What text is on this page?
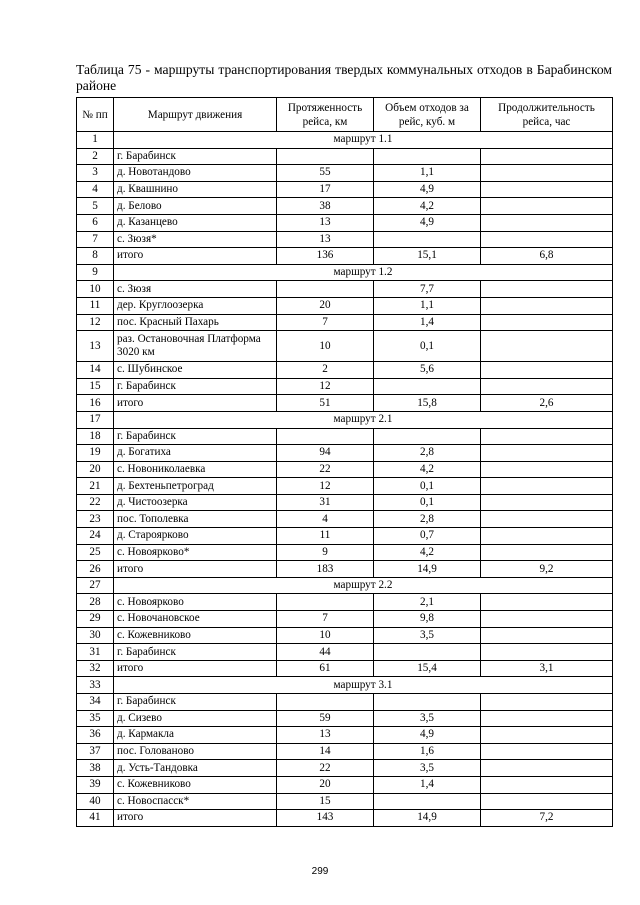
Таблица 75 - маршруты транспортирования твердых коммунальных отходов в Барабинском районе
№ пп	Маршрут движения	Протяженность рейса, км	Объем отходов за рейс, куб. м	Продолжительность рейса, час
1	маршрут 1.1			
2	г. Барабинск			
3	д. Новотандово	55	1,1	
4	д. Квашнино	17	4,9	
5	д. Белово	38	4,2	
6	д. Казанцево	13	4,9	
7	с. Зюзя*	13		
8	итого	136	15,1	6,8
9	маршрут 1.2			
10	с. Зюзя		7,7	
11	дер. Круглоозерка	20	1,1	
12	пос. Красный Пахарь	7	1,4	
13	раз. Остановочная Платформа 3020 км	10	0,1	
14	с. Шубинское	2	5,6	
15	г. Барабинск	12		
16	итого	51	15,8	2,6
17	маршрут 2.1			
18	г. Барабинск			
19	д. Богатиха	94	2,8	
20	с. Новониколаевка	22	4,2	
21	д. Бехтеньпетроград	12	0,1	
22	д. Чистоозерка	31	0,1	
23	пос. Тополевка	4	2,8	
24	д. Староярково	11	0,7	
25	с. Новоярково*	9	4,2	
26	итого	183	14,9	9,2
27	маршрут 2.2			
28	с. Новоярково		2,1	
29	с. Новочановское	7	9,8	
30	с. Кожевниково	10	3,5	
31	г. Барабинск	44		
32	итого	61	15,4	3,1
33	маршрут 3.1			
34	г. Барабинск			
35	д. Сизево	59	3,5	
36	д. Кармакла	13	4,9	
37	пос. Голованово	14	1,6	
38	д. Усть-Тандовка	22	3,5	
39	с. Кожевниково	20	1,4	
40	с. Новоспасск*	15		
41	итого	143	14,9	7,2
299
